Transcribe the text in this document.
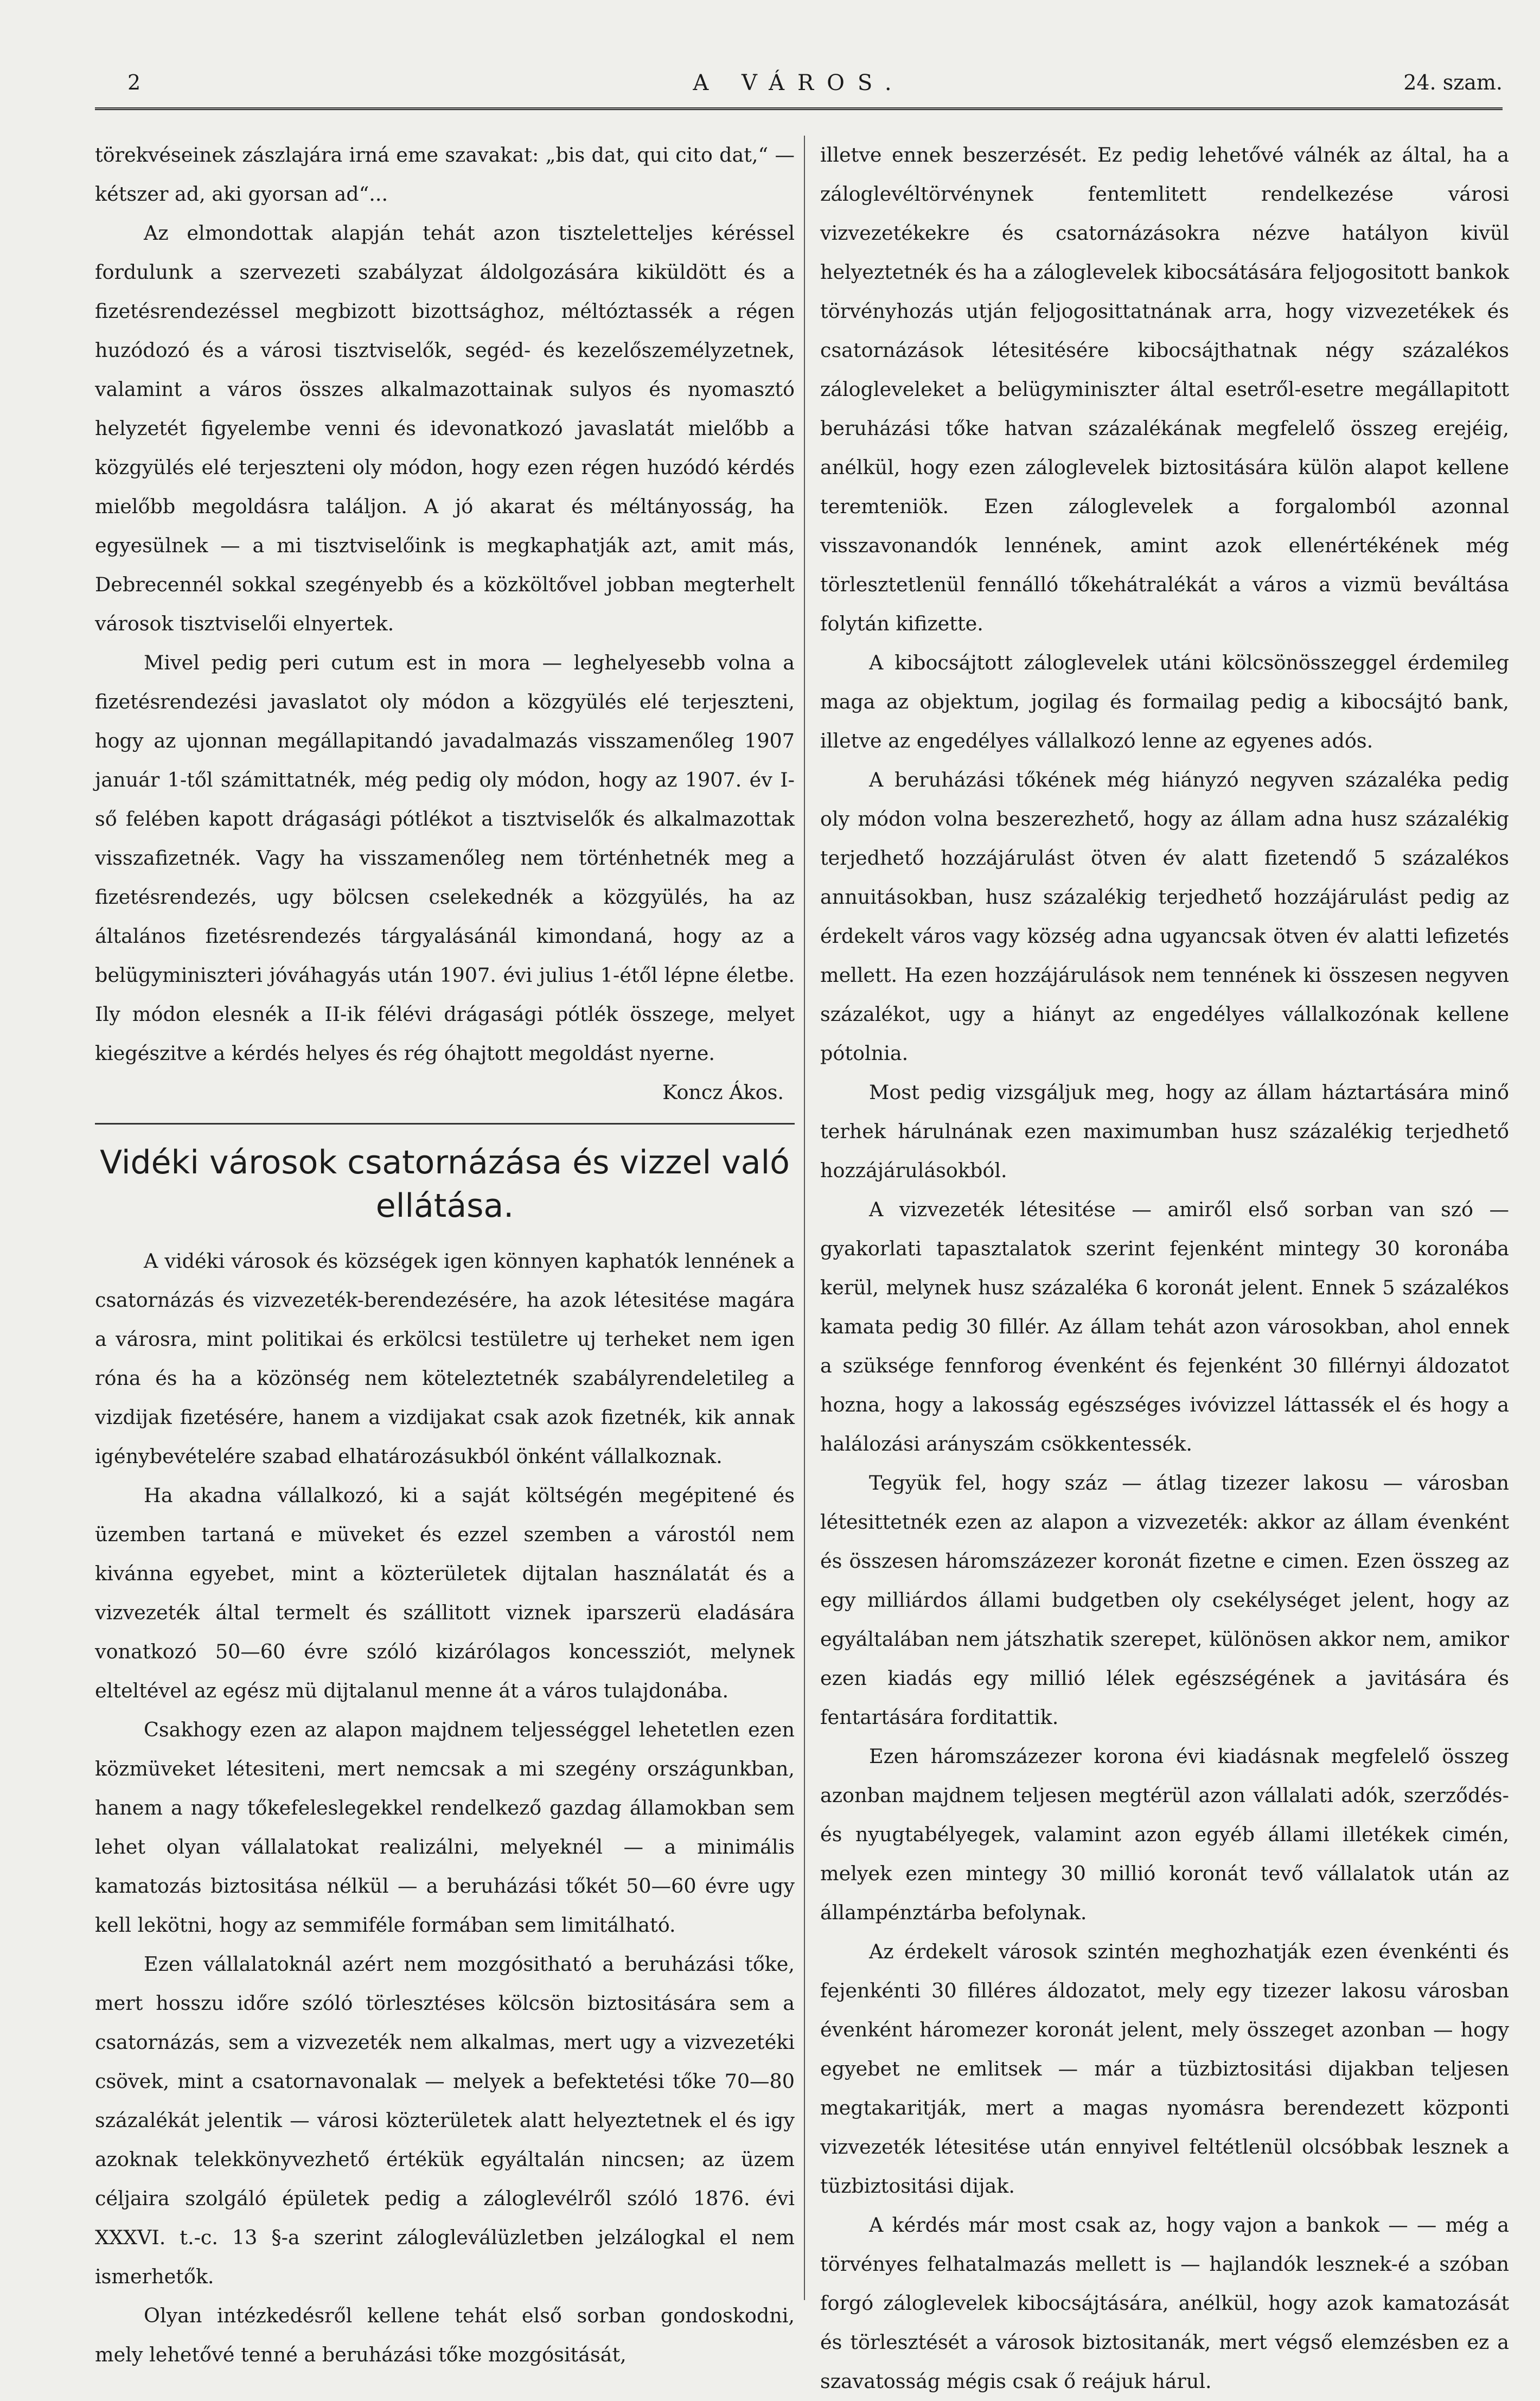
2	A VÁROS.	24. szam.

törekvéseinek zászlajára irná eme szavakat: „bis dat, qui cito dat,“ — kétszer ad, aki gyorsan ad“...

Az elmondottak alapján tehát azon tiszteletteljes kéréssel fordulunk a szervezeti szabályzat áldolgozására kiküldött és a fizetésrendezéssel megbizott bizottsághoz, méltóztassék a régen huzódozó és a városi tisztviselők, segéd- és kezelőszemélyzetnek, valamint a város összes alkalmazottainak sulyos és nyomasztó helyzetét figyelembe venni és idevonatkozó javaslatát mielőbb a közgyülés elé terjeszteni oly módon, hogy ezen régen huzódó kérdés mielőbb megoldásra találjon. A jó akarat és méltányosság, ha egyesülnek — a mi tisztviselőink is megkaphatják azt, amit más, Debrecennél sokkal szegényebb és a közköltővel jobban megterhelt városok tisztviselői elnyertek.

Mivel pedig peri cutum est in mora — leghelyesebb volna a fizetésrendezési javaslatot oly módon a közgyülés elé terjeszteni, hogy az ujonnan megállapitandó javadalmazás visszamenőleg 1907 január 1-től számittatnék, még pedig oly módon, hogy az 1907. év I-ső felében kapott drágasági pótlékot a tisztviselők és alkalmazottak visszafizetnék. Vagy ha visszamenőleg nem történhetnék meg a fizetésrendezés, ugy bölcsen cselekednék a közgyülés, ha az általános fizetésrendezés tárgyalásánál kimondaná, hogy az a belügyminiszteri jóváhagyás után 1907. évi julius 1-étől lépne életbe. Ily módon elesnék a II-ik félévi drágasági pótlék összege, melyet kiegészitve a kérdés helyes és rég óhajtott megoldást nyerne.

Koncz Ákos.

Vidéki városok csatornázása és vizzel való ellátása.

A vidéki városok és községek igen könnyen kaphatók lennének a csatornázás és vizvezeték-berendezésére, ha azok létesitése magára a városra, mint politikai és erkölcsi testületre uj terheket nem igen róna és ha a közönség nem köteleztetnék szabályrendeletileg a vizdijak fizetésére, hanem a vizdijakat csak azok fizetnék, kik annak igénybevételére szabad elhatározásukból önként vállalkoznak.

Ha akadna vállalkozó, ki a saját költségén megépitené és üzemben tartaná e müveket és ezzel szemben a várostól nem kivánna egyebet, mint a közterületek dijtalan használatát és a vizvezeték által termelt és szállitott viznek iparszerü eladására vonatkozó 50—60 évre szóló kizárólagos koncessziót, melynek elteltével az egész mü dijtalanul menne át a város tulajdonába.

Csakhogy ezen az alapon majdnem teljességgel lehetetlen ezen közmüveket létesiteni, mert nemcsak a mi szegény országunkban, hanem a nagy tőkefeleslegekkel rendelkező gazdag államokban sem lehet olyan vállalatokat realizálni, melyeknél — a minimális kamatozás biztositása nélkül — a beruházási tőkét 50—60 évre ugy kell lekötni, hogy az semmiféle formában sem limitálható.

Ezen vállalatoknál azért nem mozgósitható a beruházási tőke, mert hosszu időre szóló törlesztéses kölcsön biztositására sem a csatornázás, sem a vizvezeték nem alkalmas, mert ugy a vizvezetéki csövek, mint a csatornavonalak — melyek a befektetési tőke 70—80 százalékát jelentik — városi közterületek alatt helyeztetnek el és igy azoknak telekkönyvezhető értékük egyáltalán nincsen; az üzem céljaira szolgáló épületek pedig a záloglevélről szóló 1876. évi XXXVI. t.-c. 13 §-a szerint zálogleválüzletben jelzálogkal el nem ismerhetők.

Olyan intézkedésről kellene tehát első sorban gondoskodni, mely lehetővé tenné a beruházási tőke mozgósitását,

illetve ennek beszerzését. Ez pedig lehetővé válnék az által, ha a záloglevéltörvénynek fentemlitett rendelkezése városi vizvezetékekre és csatornázásokra nézve hatályon kivül helyeztetnék és ha a záloglevelek kibocsátására feljogositott bankok törvényhozás utján feljogosittatnának arra, hogy vizvezetékek és csatornázások létesitésére kibocsájthatnak négy százalékos zálogleveleket a belügyminiszter által esetről-esetre megállapitott beruházási tőke hatvan százalékának megfelelő összeg erejéig, anélkül, hogy ezen záloglevelek biztositására külön alapot kellene teremteniök. Ezen záloglevelek a forgalomból azonnal visszavonandók lennének, amint azok ellenértékének még törlesztetlenül fennálló tőkehátralékát a város a vizmü beváltása folytán kifizette.

A kibocsájtott záloglevelek utáni kölcsönösszeggel érdemileg maga az objektum, jogilag és formailag pedig a kibocsájtó bank, illetve az engedélyes vállalkozó lenne az egyenes adós.

A beruházási tőkének még hiányzó negyven százaléka pedig oly módon volna beszerezhető, hogy az állam adna husz százalékig terjedhető hozzájárulást ötven év alatt fizetendő 5 százalékos annuitásokban, husz százalékig terjedhető hozzájárulást pedig az érdekelt város vagy község adna ugyancsak ötven év alatti lefizetés mellett. Ha ezen hozzájárulások nem tennének ki összesen negyven százalékot, ugy a hiányt az engedélyes vállalkozónak kellene pótolnia.

Most pedig vizsgáljuk meg, hogy az állam háztartására minő terhek hárulnának ezen maximumban husz százalékig terjedhető hozzájárulásokból.

A vizvezeték létesitése — amiről első sorban van szó — gyakorlati tapasztalatok szerint fejenként mintegy 30 koronába kerül, melynek husz százaléka 6 koronát jelent. Ennek 5 százalékos kamata pedig 30 fillér. Az állam tehát azon városokban, ahol ennek a szüksége fennforog évenként és fejenként 30 fillérnyi áldozatot hozna, hogy a lakosság egészséges ivóvizzel láttassék el és hogy a halálozási arányszám csökkentessék.

Tegyük fel, hogy száz — átlag tizezer lakosu — városban létesittetnék ezen az alapon a vizvezeték: akkor az állam évenként és összesen háromszázezer koronát fizetne e cimen. Ezen összeg az egy milliárdos állami budgetben oly csekélységet jelent, hogy az egyáltalában nem játszhatik szerepet, különösen akkor nem, amikor ezen kiadás egy millió lélek egészségének a javitására és fentartására forditattik.

Ezen háromszázezer korona évi kiadásnak megfelelő összeg azonban majdnem teljesen megtérül azon vállalati adók, szerződés- és nyugtabélyegek, valamint azon egyéb állami illetékek cimén, melyek ezen mintegy 30 millió koronát tevő vállalatok után az állampénztárba befolynak.

Az érdekelt városok szintén meghozhatják ezen évenkénti és fejenkénti 30 filléres áldozatot, mely egy tizezer lakosu városban évenként háromezer koronát jelent, mely összeget azonban — hogy egyebet ne emlitsek — már a tüzbiztositási dijakban teljesen megtakaritják, mert a magas nyomásra berendezett központi vizvezeték létesitése után ennyivel feltétlenül olcsóbbak lesznek a tüzbiztositási dijak.

A kérdés már most csak az, hogy vajon a bankok — — még a törvényes felhatalmazás mellett is — hajlandók lesznek-é a szóban forgó záloglevelek kibocsájtására, anélkül, hogy azok kamatozását és törlesztését a városok biztositanák, mert végső elemzésben ez a szavatosság mégis csak ő reájuk hárul.
